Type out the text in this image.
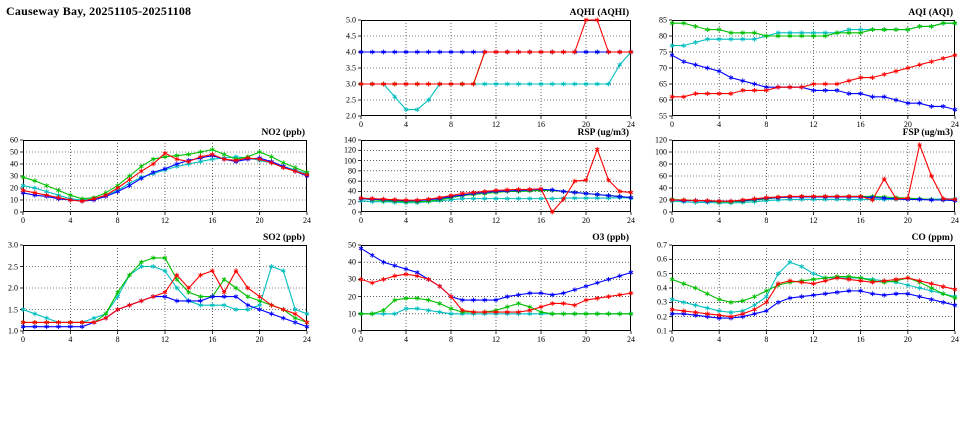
Causeway Bay, 20251105-20251108	AQHI (AQHI)
0	4	8	12	16	20	24
2.0
2.5
3.0
3.5
4.0
4.5
5.0
AQI (AQI)
0	4	8	12	16	20	24
55
60
65
70
75
80
85
NO2 (ppb)
0	4	8	12	16	20	24
0
10
20
30
40
50
60
RSP (ug/m3)
0	4	8	12	16	20	24
0
20
40
60
80
100
120
140
FSP (ug/m3)
0	4	8	12	16	20	24
0
20
40
60
80
100
120
SO2 (ppb)
0	4	8	12	16	20	24
1.0
1.5
2.0
2.5
3.0
O3 (ppb)
0	4	8	12	16	20	24
0
10
20
30
40
50
CO (ppm)
0	4	8	12	16	20	24
0.1
0.2
0.3
0.4
0.5
0.6
0.7
